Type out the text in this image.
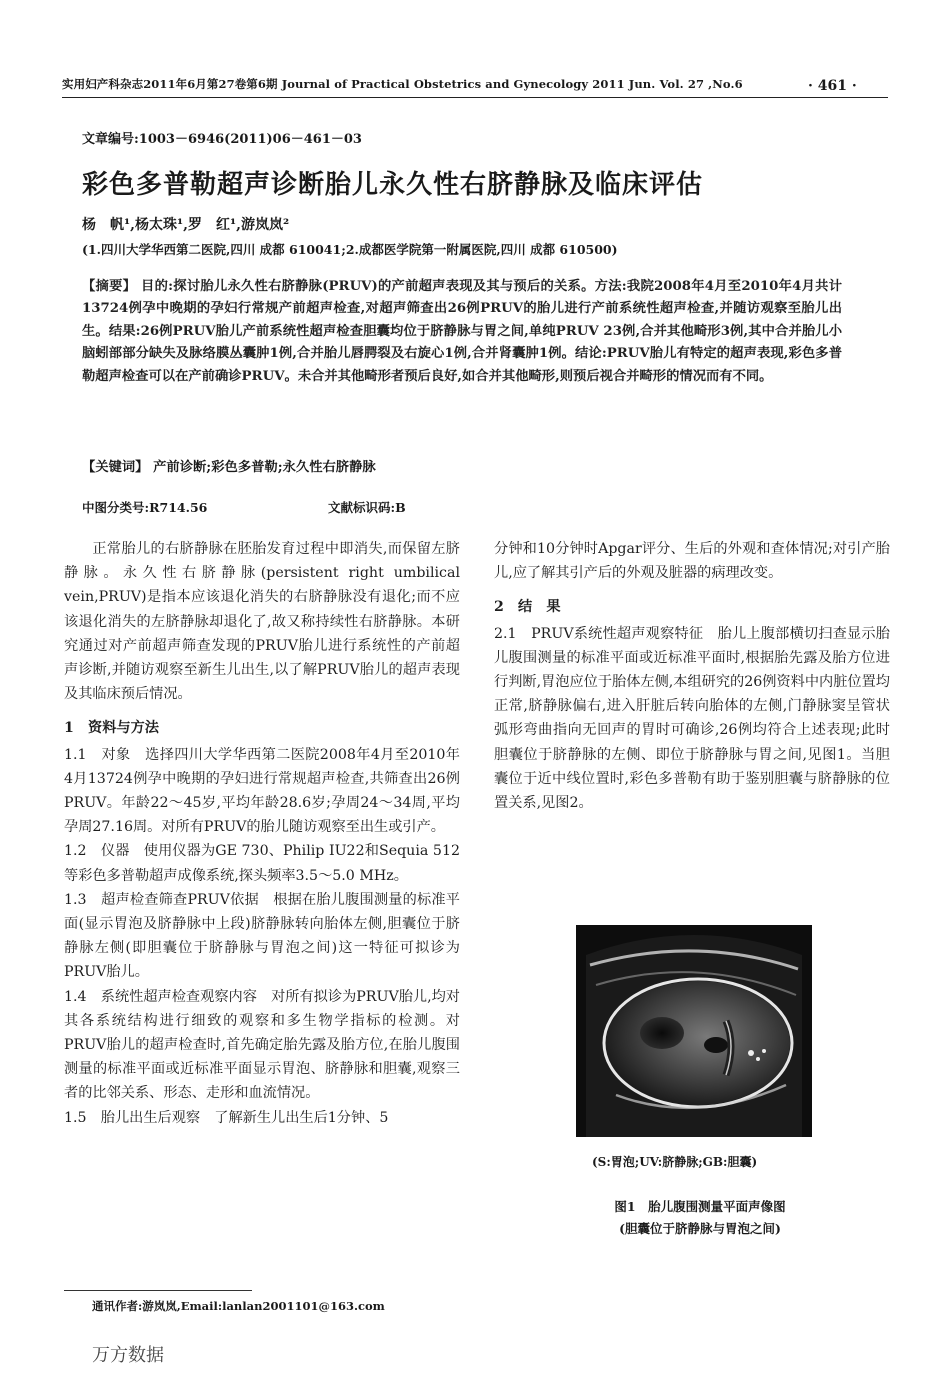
实用妇产科杂志2011年6月第27卷第6期 Journal of Practical Obstetrics and Gynecology 2011 Jun. Vol. 27 ,No.6	· 461 ·
文章编号:1003－6946(2011)06－461－03
彩色多普勒超声诊断胎儿永久性右脐静脉及临床评估
杨　帆¹,杨太珠¹,罗　红¹,游岚岚²
(1.四川大学华西第二医院,四川 成都 610041;2.成都医学院第一附属医院,四川 成都 610500)
【摘要】 目的:探讨胎儿永久性右脐静脉(PRUV)的产前超声表现及其与预后的关系。方法:我院2008年4月至2010年4月共计13724例孕中晚期的孕妇行常规产前超声检查,对超声筛查出26例PRUV的胎儿进行产前系统性超声检查,并随访观察至胎儿出生。结果:26例PRUV胎儿产前系统性超声检查胆囊均位于脐静脉与胃之间,单纯PRUV 23例,合并其他畸形3例,其中合并胎儿小脑蚓部部分缺失及脉络膜丛囊肿1例,合并胎儿唇腭裂及右旋心1例,合并肾囊肿1例。结论:PRUV胎儿有特定的超声表现,彩色多普勒超声检查可以在产前确诊PRUV。未合并其他畸形者预后良好,如合并其他畸形,则预后视合并畸形的情况而有不同。
【关键词】 产前诊断;彩色多普勒;永久性右脐静脉
中图分类号:R714.56	文献标识码:B

正常胎儿的右脐静脉在胚胎发育过程中即消失,而保留左脐静脉。永久性右脐静脉(persistent right umbilical vein,PRUV)是指本应该退化消失的右脐静脉没有退化;而不应该退化消失的左脐静脉却退化了,故又称持续性右脐静脉。本研究通过对产前超声筛查发现的PRUV胎儿进行系统性的产前超声诊断,并随访观察至新生儿出生,以了解PRUV胎儿的超声表现及其临床预后情况。

1　资料与方法

1.1　对象　选择四川大学华西第二医院2008年4月至2010年4月13724例孕中晚期的孕妇进行常规超声检查,共筛查出26例PRUV。年龄22～45岁,平均年龄28.6岁;孕周24～34周,平均孕周27.16周。对所有PRUV的胎儿随访观察至出生或引产。

1.2　仪器　使用仪器为GE 730、Philip IU22和Sequia 512等彩色多普勒超声成像系统,探头频率3.5～5.0 MHz。

1.3　超声检查筛查PRUV依据　根据在胎儿腹围测量的标准平面(显示胃泡及脐静脉中上段)脐静脉转向胎体左侧,胆囊位于脐静脉左侧(即胆囊位于脐静脉与胃泡之间)这一特征可拟诊为PRUV胎儿。

1.4　系统性超声检查观察内容　对所有拟诊为PRUV胎儿,均对其各系统结构进行细致的观察和多生物学指标的检测。对PRUV胎儿的超声检查时,首先确定胎先露及胎方位,在胎儿腹围测量的标准平面或近标准平面显示胃泡、脐静脉和胆囊,观察三者的比邻关系、形态、走形和血流情况。

1.5　胎儿出生后观察　了解新生儿出生后1分钟、5

分钟和10分钟时Apgar评分、生后的外观和查体情况;对引产胎儿,应了解其引产后的外观及脏器的病理改变。

2　结　果

2.1　PRUV系统性超声观察特征　胎儿上腹部横切扫查显示胎儿腹围测量的标准平面或近标准平面时,根据胎先露及胎方位进行判断,胃泡应位于胎体左侧,本组研究的26例资料中内脏位置均正常,脐静脉偏右,进入肝脏后转向胎体的左侧,门静脉窦呈管状弧形弯曲指向无回声的胃时可确诊,26例均符合上述表现;此时胆囊位于脐静脉的左侧、即位于脐静脉与胃之间,见图1。当胆囊位于近中线位置时,彩色多普勒有助于鉴别胆囊与脐静脉的位置关系,见图2。

(S:胃泡;UV:脐静脉;GB:胆囊)
图1　胎儿腹围测量平面声像图
(胆囊位于脐静脉与胃泡之间)
通讯作者:游岚岚,Email:lanlan2001101@163.com
万方数据
